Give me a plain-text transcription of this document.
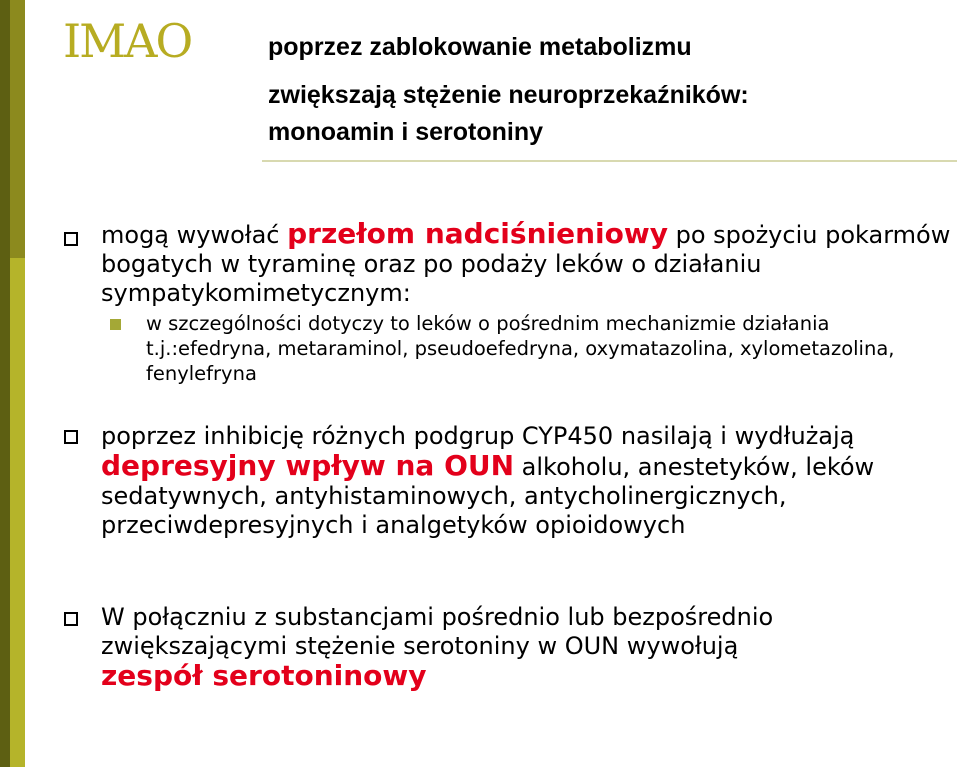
IMAO	poprzez zablokowanie metabolizmu
zwiększają stężenie neuroprzekaźników:
monoamin i serotoniny
mogą wywołać przełom nadciśnieniowy po spożyciu pokarmów bogatych w tyraminę oraz po podaży leków o działaniu sympatykomimetycznym:
w szczególności dotyczy to leków o pośrednim mechanizmie działania t.j.:efedryna, metaraminol, pseudoefedryna, oxymatazolina, xylometazolina, fenylefryna
poprzez inhibicję różnych podgrup CYP450 nasilają i wydłużają depresyjny wpływ na OUN alkoholu, anestetyków, leków sedatywnych, antyhistaminowych, antycholinergicznych, przeciwdepresyjnych i analgetyków opioidowych
W połączniu z substancjami pośrednio lub bezpośrednio zwiększającymi stężenie serotoniny w OUN wywołują
zespół serotoninowy
